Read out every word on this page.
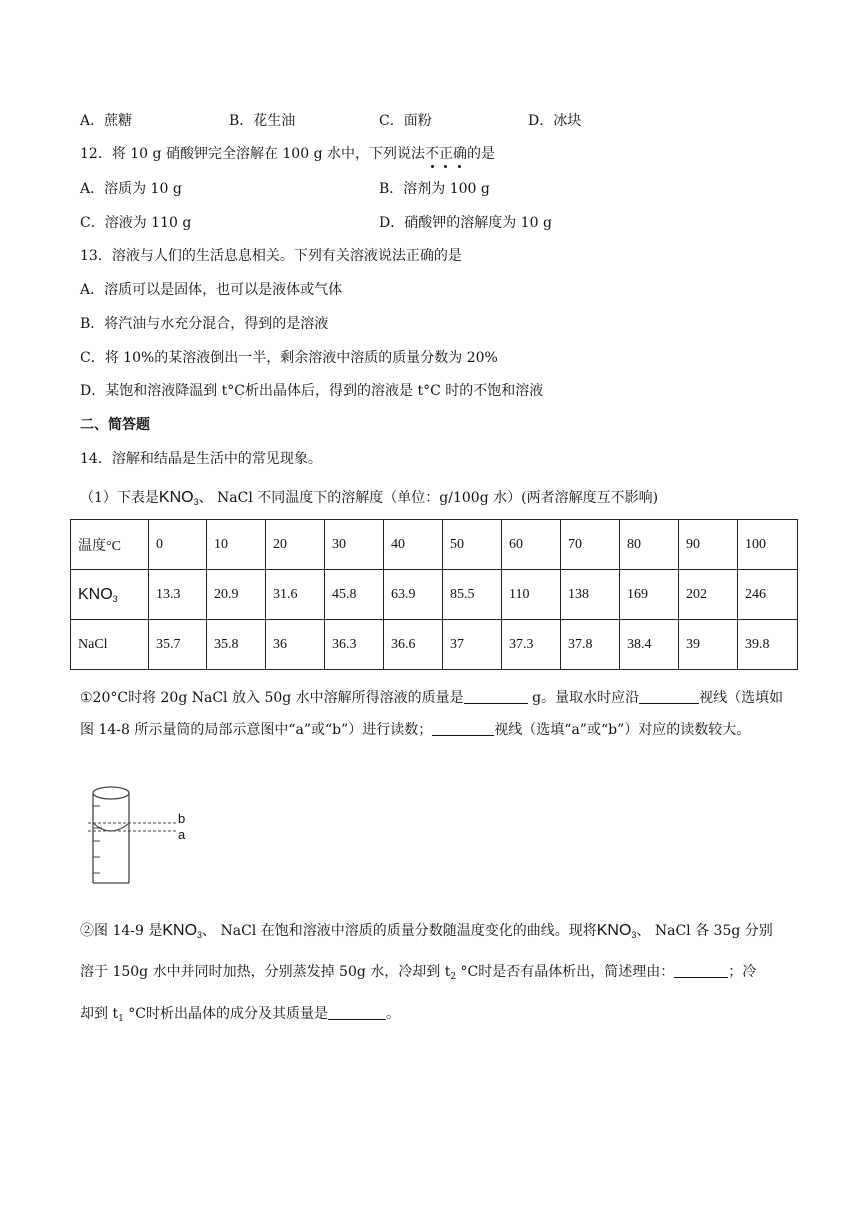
A．蔗糖	B．花生油	C．面粉	D．冰块
12．将 10 g 硝酸钾完全溶解在 100 g 水中，下列说法不正确
的是
A．溶质为 10 g	B．溶剂为 100 g
C．溶液为 110 g	D．硝酸钾的溶解度为 10 g
13．溶液与人们的生活息息相关。下列有关溶液说法正确的是
A．溶质可以是固体，也可以是液体或气体
B．将汽油与水充分混合，得到的是溶液
C．将 10%的某溶液倒出一半，剩余溶液中溶质的质量分数为 20%
D．某饱和溶液降温到 t°C析出晶体后，得到的溶液是 t°C 时的不饱和溶液
二、简答题
14．溶解和结晶是生活中的常见现象。
（1）下表是$KNO_3$、 NaCl 不同温度下的溶解度（单位：g/100g 水）(两者溶解度互不影响)
温度°C	0	10	20	30	40	50	60	70	80	90	100
$KNO_3$	13.3	20.9	31.6	45.8	63.9	85.5	110	138	169	202	246
NaCl	35.7	35.8	36	36.3	36.6	37	37.3	37.8	38.4	39	39.8
①20°C时将 20g NaCl 放入 50g 水中溶解所得溶液的质量是	g。量取水时应沿	视线（选填如
图 14-8 所示量筒的局部示意图中“a”或“b”）进行读数；	视线（选填“a”或“b”）对应的读数较大。
b
a
②图 14-9 是$KNO_3$、 NaCl 在饱和溶液中溶质的质量分数随温度变化的曲线。现将$KNO_3$、 NaCl 各 35g 分别
溶于 150g 水中并同时加热，分别蒸发掉 50g 水，冷却到 $t_2$ °C时是否有晶体析出，简述理由：	；冷
却到 $t_1$ °C时析出晶体的成分及其质量是	。
